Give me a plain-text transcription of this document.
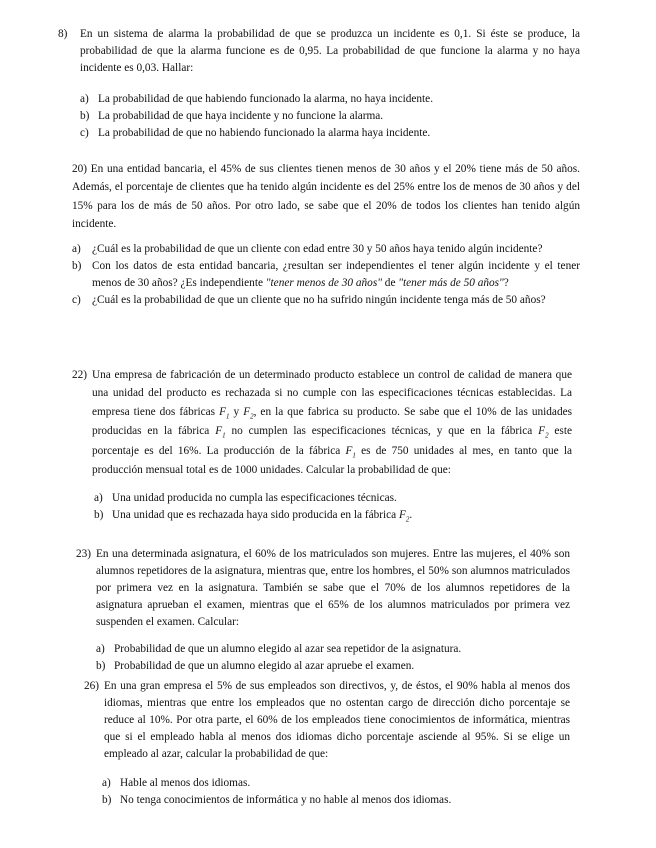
8)	En un sistema de alarma la probabilidad de que se produzca un incidente es 0,1. Si éste se produce, la probabilidad de que la alarma funcione es de 0,95. La probabilidad de que funcione la alarma y no haya incidente es 0,03. Hallar:
a) La probabilidad de que habiendo funcionado la alarma, no haya incidente.
b) La probabilidad de que haya incidente y no funcione la alarma.
c) La probabilidad de que no habiendo funcionado la alarma haya incidente.
20) En una entidad bancaria, el 45% de sus clientes tienen menos de 30 años y el 20% tiene más de 50 años. Además, el porcentaje de clientes que ha tenido algún incidente es del 25% entre los de menos de 30 años y del 15% para los de más de 50 años. Por otro lado, se sabe que el 20% de todos los clientes han tenido algún incidente.
a) ¿Cuál es la probabilidad de que un cliente con edad entre 30 y 50 años haya tenido algún incidente?
b) Con los datos de esta entidad bancaria, ¿resultan ser independientes el tener algún incidente y el tener menos de 30 años? ¿Es independiente "tener menos de 30 años" de "tener más de 50 años"?
c) ¿Cuál es la probabilidad de que un cliente que no ha sufrido ningún incidente tenga más de 50 años?
22) Una empresa de fabricación de un determinado producto establece un control de calidad de manera que una unidad del producto es rechazada si no cumple con las especificaciones técnicas establecidas. La empresa tiene dos fábricas $F_1$ y $F_2$, en la que fabrica su producto. Se sabe que el 10% de las unidades producidas en la fábrica $F_1$ no cumplen las especificaciones técnicas, y que en la fábrica $F_2$ este porcentaje es del 16%. La producción de la fábrica $F_1$ es de 750 unidades al mes, en tanto que la producción mensual total es de 1000 unidades. Calcular la probabilidad de que:
a) Una unidad producida no cumpla las especificaciones técnicas.
b) Una unidad que es rechazada haya sido producida en la fábrica $F_2$.
23) En una determinada asignatura, el 60% de los matriculados son mujeres. Entre las mujeres, el 40% son alumnos repetidores de la asignatura, mientras que, entre los hombres, el 50% son alumnos matriculados por primera vez en la asignatura. También se sabe que el 70% de los alumnos repetidores de la asignatura aprueban el examen, mientras que el 65% de los alumnos matriculados por primera vez suspenden el examen. Calcular:
a) Probabilidad de que un alumno elegido al azar sea repetidor de la asignatura.
b) Probabilidad de que un alumno elegido al azar apruebe el examen.
26) En una gran empresa el 5% de sus empleados son directivos, y, de éstos, el 90% habla al menos dos idiomas, mientras que entre los empleados que no ostentan cargo de dirección dicho porcentaje se reduce al 10%. Por otra parte, el 60% de los empleados tiene conocimientos de informática, mientras que si el empleado habla al menos dos idiomas dicho porcentaje asciende al 95%. Si se elige un empleado al azar, calcular la probabilidad de que:
a) Hable al menos dos idiomas.
b) No tenga conocimientos de informática y no hable al menos dos idiomas.
